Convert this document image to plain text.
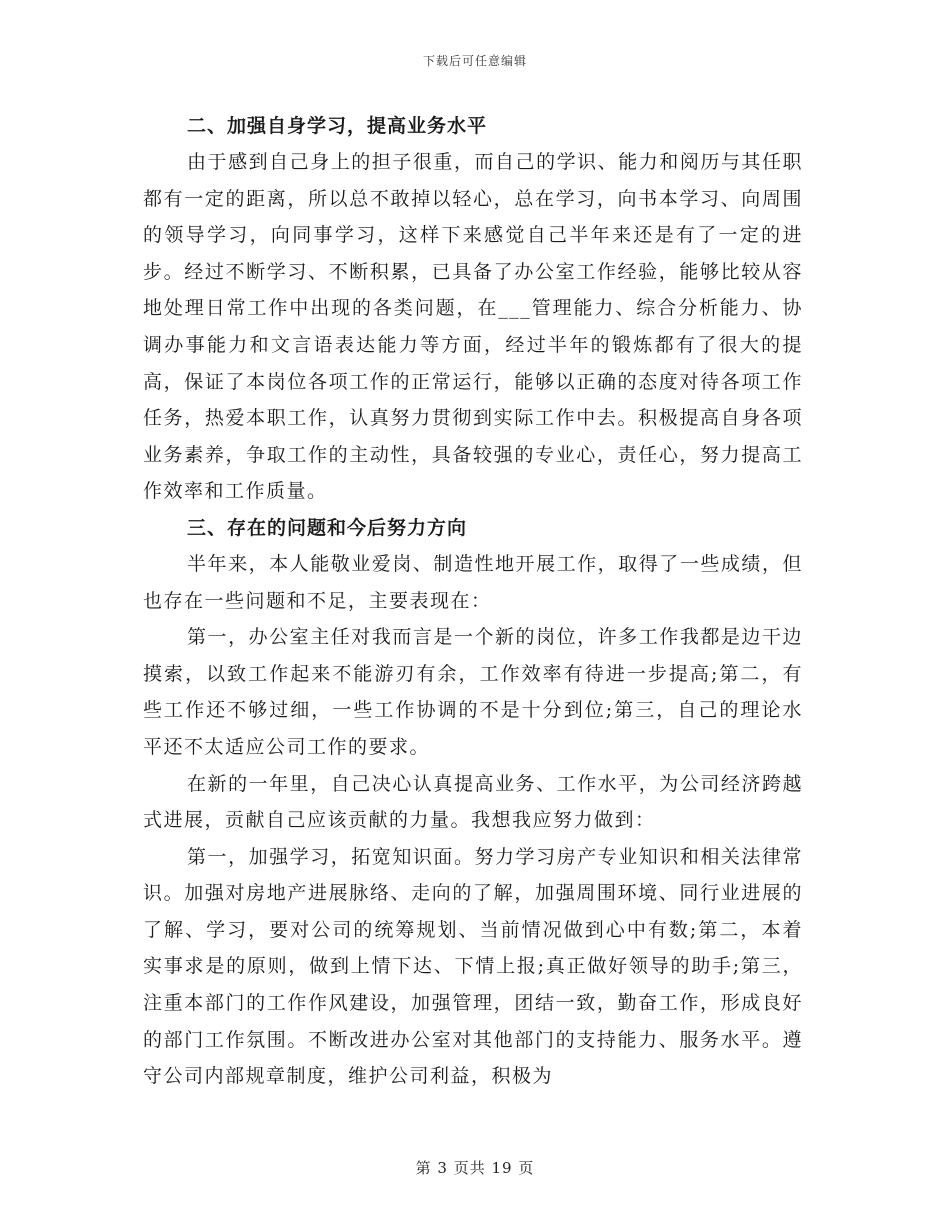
下载后可任意编辑

二、加强自身学习，提高业务水平

由于感到自己身上的担子很重，而自己的学识、能力和阅历与其任职都有一定的距离，所以总不敢掉以轻心，总在学习，向书本学习、向周围的领导学习，向同事学习，这样下来感觉自己半年来还是有了一定的进步。经过不断学习、不断积累，已具备了办公室工作经验，能够比较从容地处理日常工作中出现的各类问题，在___管理能力、综合分析能力、协调办事能力和文言语表达能力等方面，经过半年的锻炼都有了很大的提高，保证了本岗位各项工作的正常运行，能够以正确的态度对待各项工作任务，热爱本职工作，认真努力贯彻到实际工作中去。积极提高自身各项业务素养，争取工作的主动性，具备较强的专业心，责任心，努力提高工作效率和工作质量。

三、存在的问题和今后努力方向

半年来，本人能敬业爱岗、制造性地开展工作，取得了一些成绩，但也存在一些问题和不足，主要表现在：

第一，办公室主任对我而言是一个新的岗位，许多工作我都是边干边摸索，以致工作起来不能游刃有余，工作效率有待进一步提高;第二，有些工作还不够过细，一些工作协调的不是十分到位;第三，自己的理论水平还不太适应公司工作的要求。

在新的一年里，自己决心认真提高业务、工作水平，为公司经济跨越式进展，贡献自己应该贡献的力量。我想我应努力做到：

第一，加强学习，拓宽知识面。努力学习房产专业知识和相关法律常识。加强对房地产进展脉络、走向的了解，加强周围环境、同行业进展的了解、学习，要对公司的统筹规划、当前情况做到心中有数;第二，本着实事求是的原则，做到上情下达、下情上报;真正做好领导的助手;第三，注重本部门的工作作风建设，加强管理，团结一致，勤奋工作，形成良好的部门工作氛围。不断改进办公室对其他部门的支持能力、服务水平。遵守公司内部规章制度，维护公司利益，积极为

第 3 页共 19 页
